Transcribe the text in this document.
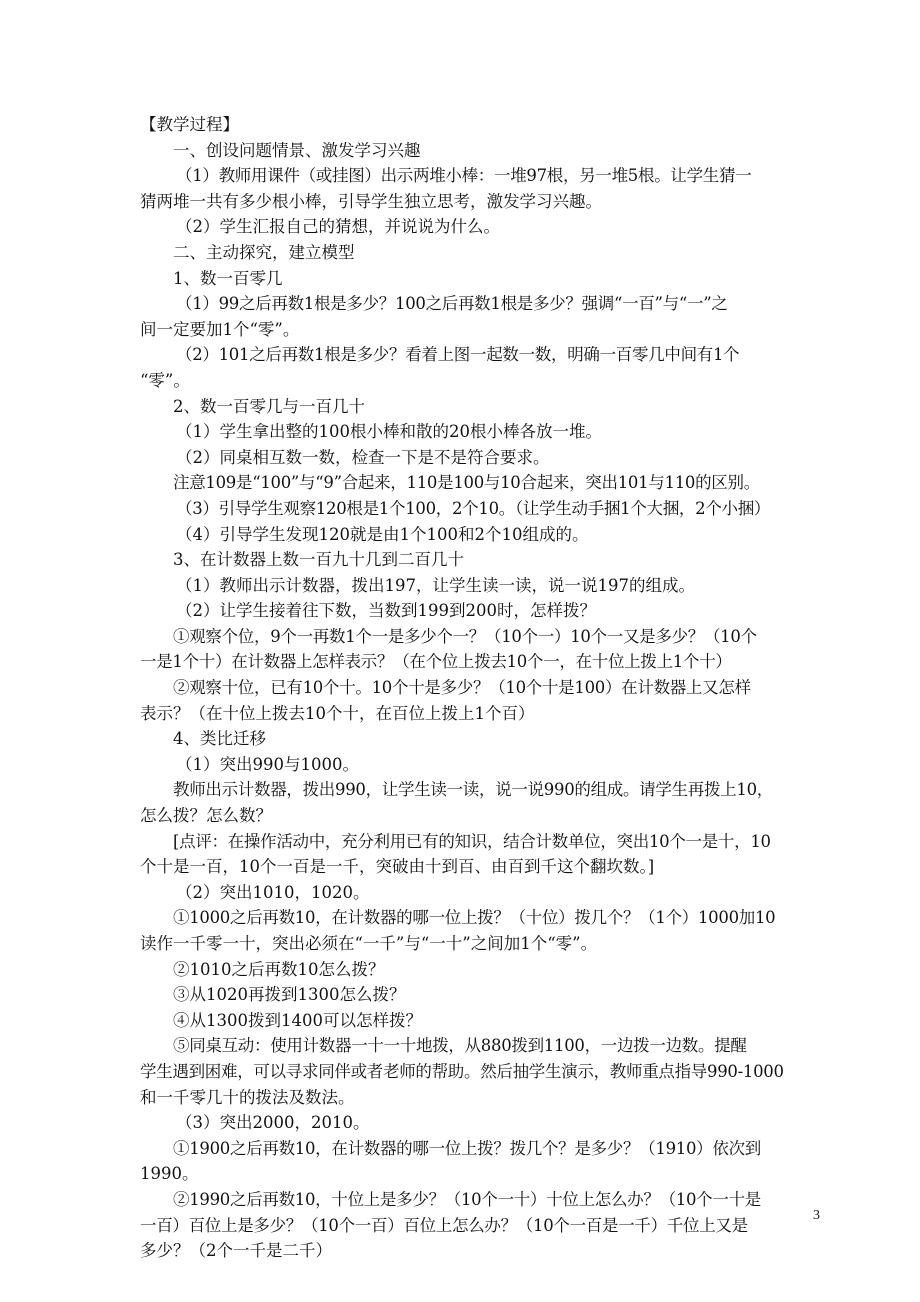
【教学过程】
一、创设问题情景、激发学习兴趣
（1）教师用课件（或挂图）出示两堆小棒：一堆97根，另一堆5根。让学生猜一
猜两堆一共有多少根小棒，引导学生独立思考，激发学习兴趣。
（2）学生汇报自己的猜想，并说说为什么。
二、主动探究，建立模型
1、数一百零几
（1）99之后再数1根是多少？100之后再数1根是多少？强调“一百”与“一”之
间一定要加1个“零”。
（2）101之后再数1根是多少？看着上图一起数一数，明确一百零几中间有1个
“零”。
2、数一百零几与一百几十
（1）学生拿出整的100根小棒和散的20根小棒各放一堆。
（2）同桌相互数一数，检查一下是不是符合要求。
注意109是“100”与“9”合起来，110是100与10合起来，突出101与110的区别。
（3）引导学生观察120根是1个100，2个10。（让学生动手捆1个大捆，2个小捆）
（4）引导学生发现120就是由1个100和2个10组成的。
3、在计数器上数一百九十几到二百几十
（1）教师出示计数器，拨出197，让学生读一读，说一说197的组成。
（2）让学生接着往下数，当数到199到200时，怎样拨？
①观察个位，9个一再数1个一是多少个一？（10个一）10个一又是多少？（10个
一是1个十）在计数器上怎样表示？（在个位上拨去10个一，在十位上拨上1个十）
②观察十位，已有10个十。10个十是多少？（10个十是100）在计数器上又怎样
表示？（在十位上拨去10个十，在百位上拨上1个百）
4、类比迁移
（1）突出990与1000。
教师出示计数器，拨出990，让学生读一读，说一说990的组成。请学生再拨上10，
怎么拨？怎么数？
[点评：在操作活动中，充分利用已有的知识，结合计数单位，突出10个一是十，10
个十是一百，10个一百是一千，突破由十到百、由百到千这个翻坎数。]
（2）突出1010，1020。
①1000之后再数10，在计数器的哪一位上拨？（十位）拨几个？（1个）1000加10
读作一千零一十，突出必须在“一千”与“一十”之间加1个“零”。
②1010之后再数10怎么拨？
③从1020再拨到1300怎么拨？
④从1300拨到1400可以怎样拨？
⑤同桌互动：使用计数器一十一十地拨，从880拨到1100，一边拨一边数。提醒
学生遇到困难，可以寻求同伴或者老师的帮助。然后抽学生演示，教师重点指导990-1000
和一千零几十的拨法及数法。
（3）突出2000，2010。
①1900之后再数10，在计数器的哪一位上拨？拨几个？是多少？（1910）依次到
1990。
②1990之后再数10，十位上是多少？（10个一十）十位上怎么办？（10个一十是
一百）百位上是多少？（10个一百）百位上怎么办？（10个一百是一千）千位上又是
多少？（2个一千是二千）
3
